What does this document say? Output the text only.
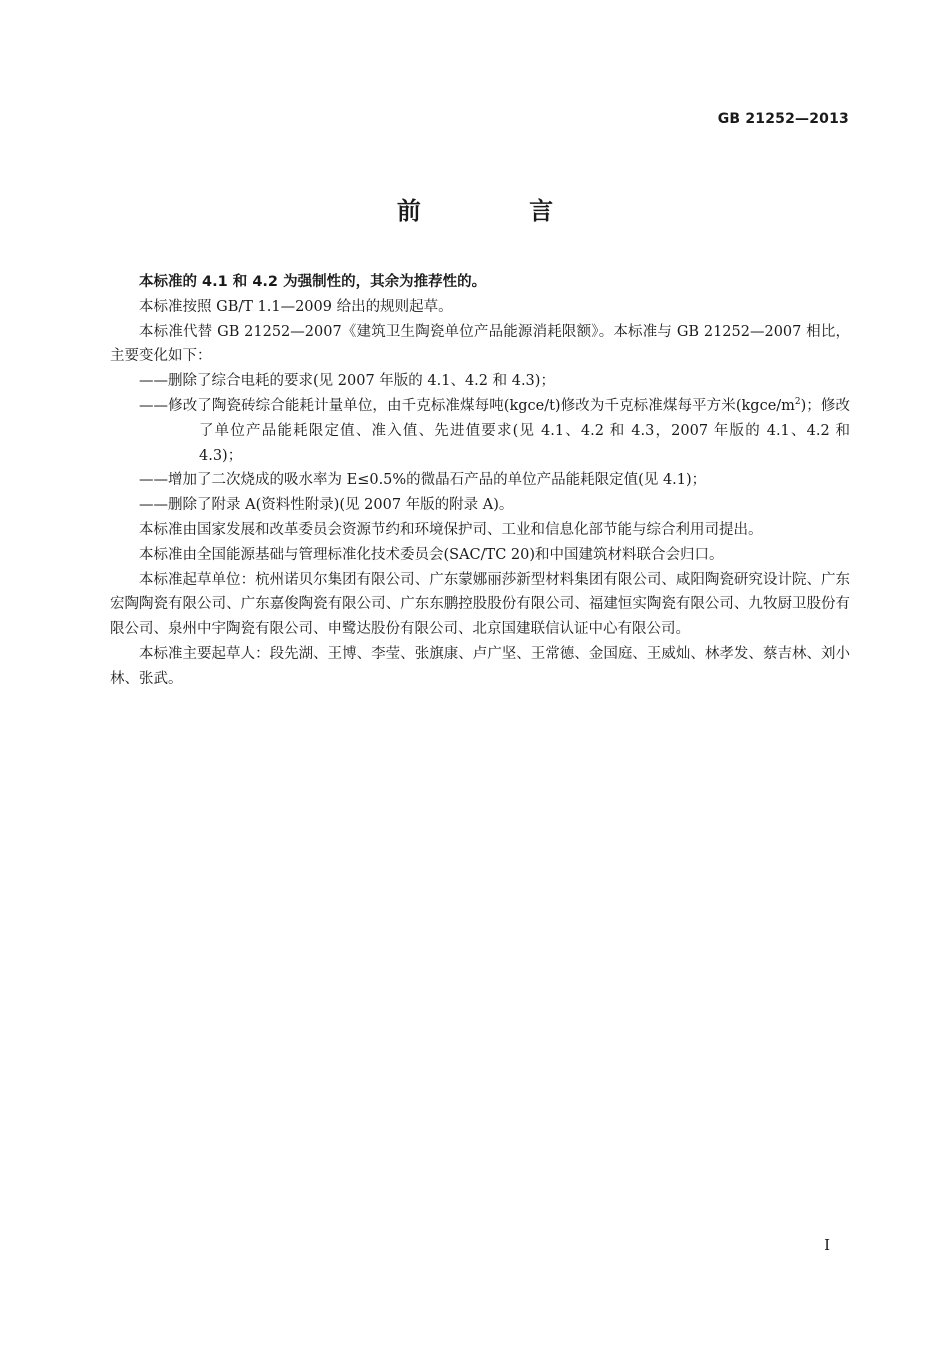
GB 21252—2013
前 言

本标准的 4.1 和 4.2 为强制性的，其余为推荐性的。

本标准按照 GB/T 1.1—2009 给出的规则起草。

本标准代替 GB 21252—2007《建筑卫生陶瓷单位产品能源消耗限额》。本标准与 GB 21252—2007 相比，主要变化如下：

——删除了综合电耗的要求(见 2007 年版的 4.1、4.2 和 4.3)；

——修改了陶瓷砖综合能耗计量单位，由千克标准煤每吨(kgce/t)修改为千克标准煤每平方米$(kgce/m^2)$；修改了单位产品能耗限定值、准入值、先进值要求(见 4.1、4.2 和 4.3，2007 年版的 4.1、4.2 和 4.3)；

——增加了二次烧成的吸水率为 E≤0.5%的微晶石产品的单位产品能耗限定值(见 4.1)；

——删除了附录 A(资料性附录)(见 2007 年版的附录 A)。

本标准由国家发展和改革委员会资源节约和环境保护司、工业和信息化部节能与综合利用司提出。

本标准由全国能源基础与管理标准化技术委员会(SAC/TC 20)和中国建筑材料联合会归口。

本标准起草单位：杭州诺贝尔集团有限公司、广东蒙娜丽莎新型材料集团有限公司、咸阳陶瓷研究设计院、广东宏陶陶瓷有限公司、广东嘉俊陶瓷有限公司、广东东鹏控股股份有限公司、福建恒实陶瓷有限公司、九牧厨卫股份有限公司、泉州中宇陶瓷有限公司、申鹭达股份有限公司、北京国建联信认证中心有限公司。

本标准主要起草人：段先湖、王博、李莹、张旗康、卢广坚、王常德、金国庭、王威灿、林孝发、蔡吉林、刘小林、张武。

I
